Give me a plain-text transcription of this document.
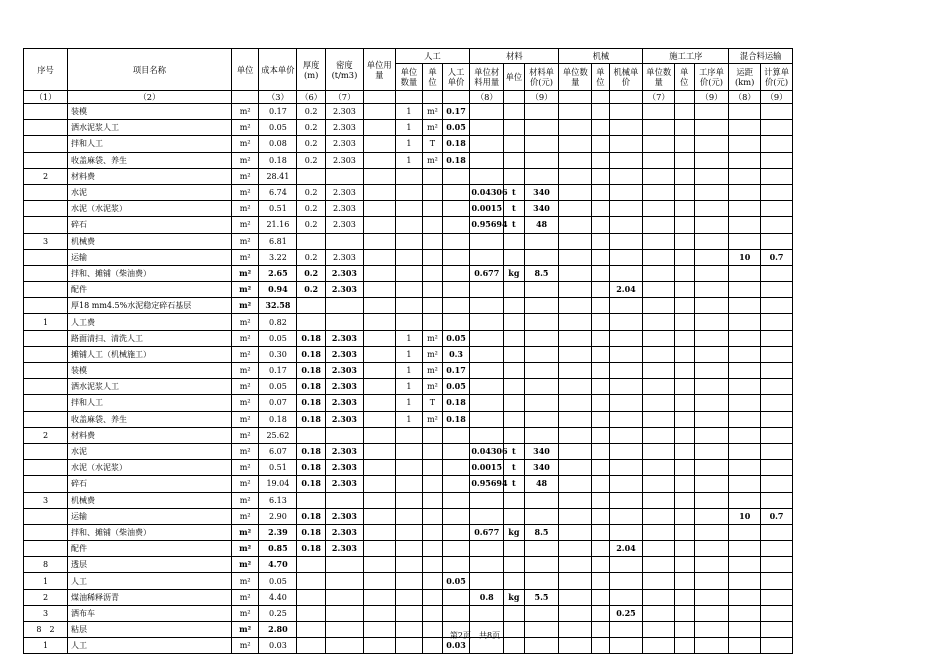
序号	项目名称	单位	成本单价	厚度(m)	密度(t/m3)	单位用量	人工			材料			机械			施工工序			混合料运输	
							单位数量	单位	人工单价	单位材料用量	单位	材料单价(元)	单位数量	单位	机械单价	单位数量	单位	工序单价(元)	运距(km)	计算单价(元)
（1）	（2）		（3）	（6）	（7）					（8）		（9）				（7）		（9）	（8）	（9）
	装模	m²	0.17	0.2	2.303		1	m²	0.17											
	洒水泥浆人工	m²	0.05	0.2	2.303		1	m²	0.05											
	拌和人工	m²	0.08	0.2	2.303		1	T	0.18											
	收盖麻袋、养生	m²	0.18	0.2	2.303		1	m²	0.18											
2	材料费	m²	28.41																	
	水泥	m²	6.74	0.2	2.303					0.04306	t	340								
	水泥（水泥浆）	m²	0.51	0.2	2.303					0.0015	t	340								
	碎石	m²	21.16	0.2	2.303					0.95694	t	48								
3	机械费	m²	6.81																	
	运输	m²	3.22	0.2	2.303														10	0.7
	拌和、摊铺（柴油费）	m²	2.65	0.2	2.303					0.677	kg	8.5								
	配件	m²	0.94	0.2	2.303										2.04					
	厚18 mm4.5%水泥稳定碎石基层	m²	32.58																	
1	人工费	m²	0.82																	
	路面清扫、清洗人工	m²	0.05	0.18	2.303		1	m²	0.05											
	摊铺人工（机械施工）	m²	0.30	0.18	2.303		1	m²	0.3											
	装模	m²	0.17	0.18	2.303		1	m²	0.17											
	洒水泥浆人工	m²	0.05	0.18	2.303		1	m²	0.05											
	拌和人工	m²	0.07	0.18	2.303		1	T	0.18											
	收盖麻袋、养生	m²	0.18	0.18	2.303		1	m²	0.18											
2	材料费	m²	25.62																	
	水泥	m²	6.07	0.18	2.303					0.04306	t	340								
	水泥（水泥浆）	m²	0.51	0.18	2.303					0.0015	t	340								
	碎石	m²	19.04	0.18	2.303					0.95694	t	48								
3	机械费	m²	6.13																	
	运输	m²	2.90	0.18	2.303														10	0.7
	拌和、摊铺（柴油费）	m²	2.39	0.18	2.303					0.677	kg	8.5								
	配件	m²	0.85	0.18	2.303										2.04					
8	透层	m²	4.70																	
1	人工	m²	0.05						0.05											
2	煤油稀释沥青	m²	4.40							0.8	kg	5.5								
3	洒布车	m²	0.25												0.25					
8　2	粘层	m²	2.80																	
1	人工	m²	0.03						0.03											
第2页　共8页
